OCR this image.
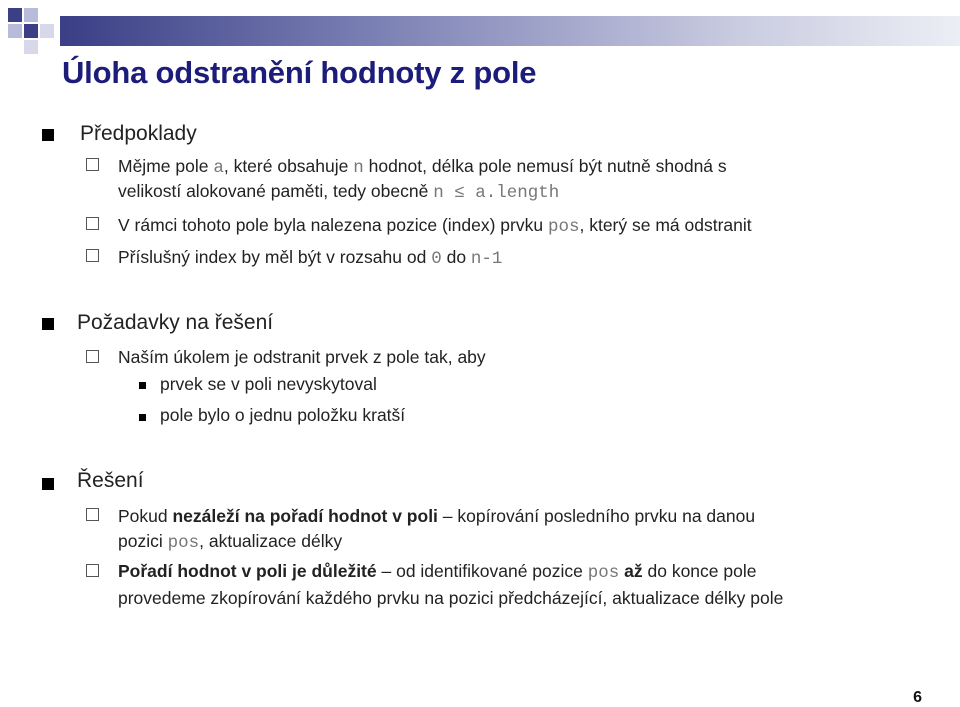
Úloha odstranění hodnoty z pole
Předpoklady
Mějme pole a, které obsahuje n hodnot, délka pole nemusí být nutně shodná s
velikostí alokované paměti, tedy obecně n ≤ a.length
V rámci tohoto pole byla nalezena pozice (index) prvku pos, který se má odstranit
Příslušný index by měl být v rozsahu od 0 do n-1
Požadavky na řešení
Naším úkolem je odstranit prvek z pole tak, aby
prvek se v poli nevyskytoval
pole bylo o jednu položku kratší
Řešení
Pokud nezáleží na pořadí hodnot v poli – kopírování posledního prvku na danou
pozici pos, aktualizace délky
Pořadí hodnot v poli je důležité – od identifikované pozice pos až do konce pole
provedeme zkopírování každého prvku na pozici předcházející, aktualizace délky pole
6
